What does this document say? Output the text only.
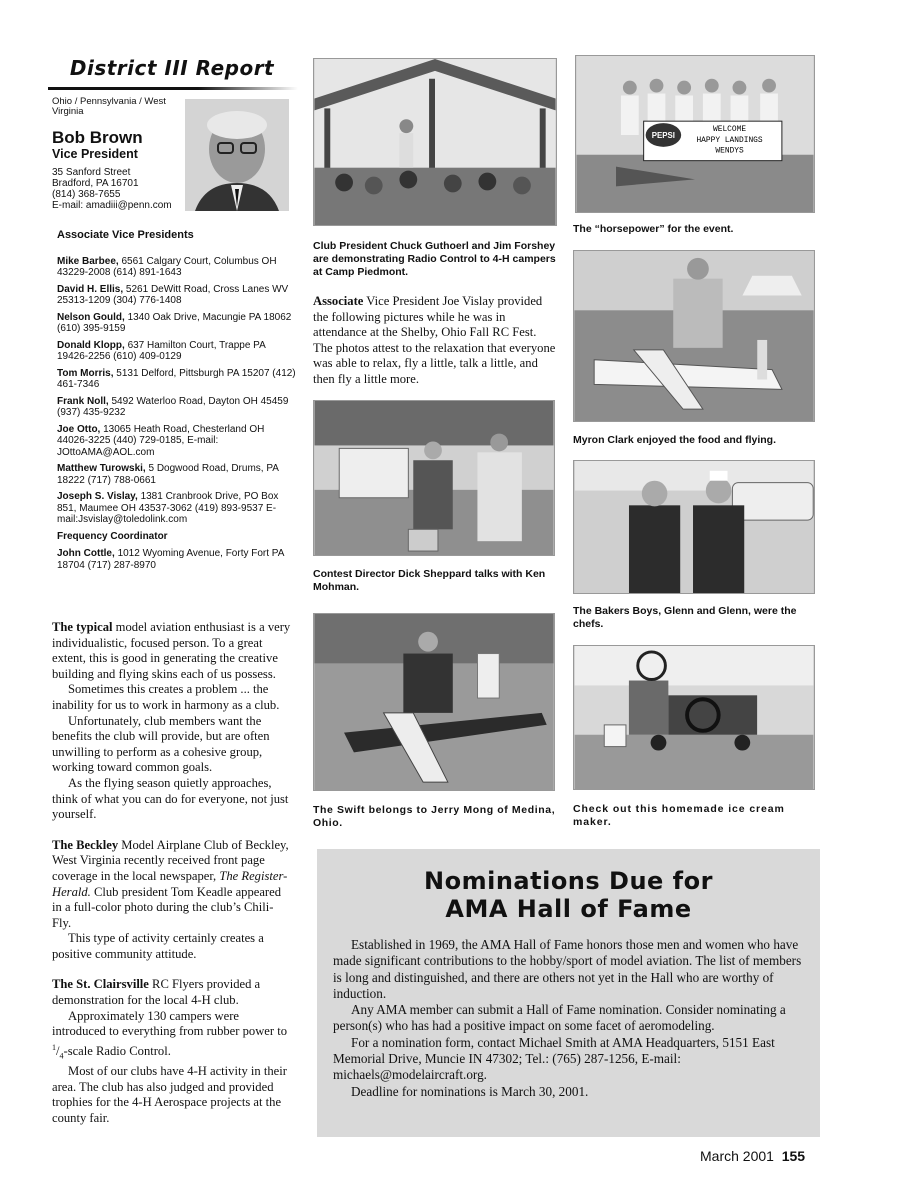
District III Report
Ohio / Pennsylvania / West Virginia
Bob Brown
Vice President
35 Sanford Street
Bradford, PA 16701
(814) 368-7655
E-mail: amadiii@penn.com
Associate Vice Presidents
Mike Barbee, 6561 Calgary Court, Columbus OH 43229-2008 (614) 891-1643
David H. Ellis, 5261 DeWitt Road, Cross Lanes WV 25313-1209 (304) 776-1408
Nelson Gould, 1340 Oak Drive, Macungie PA 18062 (610) 395-9159
Donald Klopp, 637 Hamilton Court, Trappe PA 19426-2256 (610) 409-0129
Tom Morris, 5131 Delford, Pittsburgh PA 15207 (412) 461-7346
Frank Noll, 5492 Waterloo Road, Dayton OH 45459 (937) 435-9232
Joe Otto, 13065 Heath Road, Chesterland OH 44026-3225 (440) 729-0185, E-mail: JOttoAMA@AOL.com
Matthew Turowski, 5 Dogwood Road, Drums, PA 18222 (717) 788-0661
Joseph S. Vislay, 1381 Cranbrook Drive, PO Box 851, Maumee OH 43537-3062 (419) 893-9537 E-mail:Jsvislay@toledolink.com
Frequency Coordinator
John Cottle, 1012 Wyoming Avenue, Forty Fort PA 18704 (717) 287-8970

The typical model aviation enthusiast is a very individualistic, focused person. To a great extent, this is good in generating the creative building and flying skins each of us possess.

Sometimes this creates a problem ... the inability for us to work in harmony as a club.

Unfortunately, club members want the benefits the club will provide, but are often unwilling to perform as a cohesive group, working toward common goals.

As the flying season quietly approaches, think of what you can do for everyone, not just yourself.

The Beckley Model Airplane Club of Beckley, West Virginia recently received front page coverage in the local newspaper, The Register-Herald. Club president Tom Keadle appeared in a full-color photo during the club’s Chili-Fly.

This type of activity certainly creates a positive community attitude.

The St. Clairsville RC Flyers provided a demonstration for the local 4-H club.

Approximately 130 campers were introduced to everything from rubber power to $^1/_4$-scale Radio Control.

Most of our clubs have 4-H activity in their area. The club has also judged and provided trophies for the 4-H Aerospace projects at the county fair.

Club President Chuck Guthoerl and Jim Forshey are demonstrating Radio Control to 4-H campers at Camp Piedmont.
PEPSI
WELCOME
HAPPY LANDINGS
WENDYS
The “horsepower” for the event.
Associate Vice President Joe Vislay provided the following pictures while he was in attendance at the Shelby, Ohio Fall RC Fest. The photos attest to the relaxation that everyone was able to relax, fly a little, talk a little, and then fly a little more.
Myron Clark enjoyed the food and flying.
Contest Director Dick Sheppard talks with Ken Mohman.
The Bakers Boys, Glenn and Glenn, were the chefs.
The Swift belongs to Jerry Mong of Medina, Ohio.
Check out this homemade ice cream maker.
Nominations Due for
AMA Hall of Fame

Established in 1969, the AMA Hall of Fame honors those men and women who have made significant contributions to the hobby/sport of model aviation. The list of members is long and distinguished, and there are others not yet in the Hall who are worthy of induction.

Any AMA member can submit a Hall of Fame nomination. Consider nominating a person(s) who has had a positive impact on some facet of aeromodeling.

For a nomination form, contact Michael Smith at AMA Headquarters, 5151 East Memorial Drive, Muncie IN 47302; Tel.: (765) 287-1256, E-mail: michaels@modelaircraft.org.

Deadline for nominations is March 30, 2001.

March 2001 155
